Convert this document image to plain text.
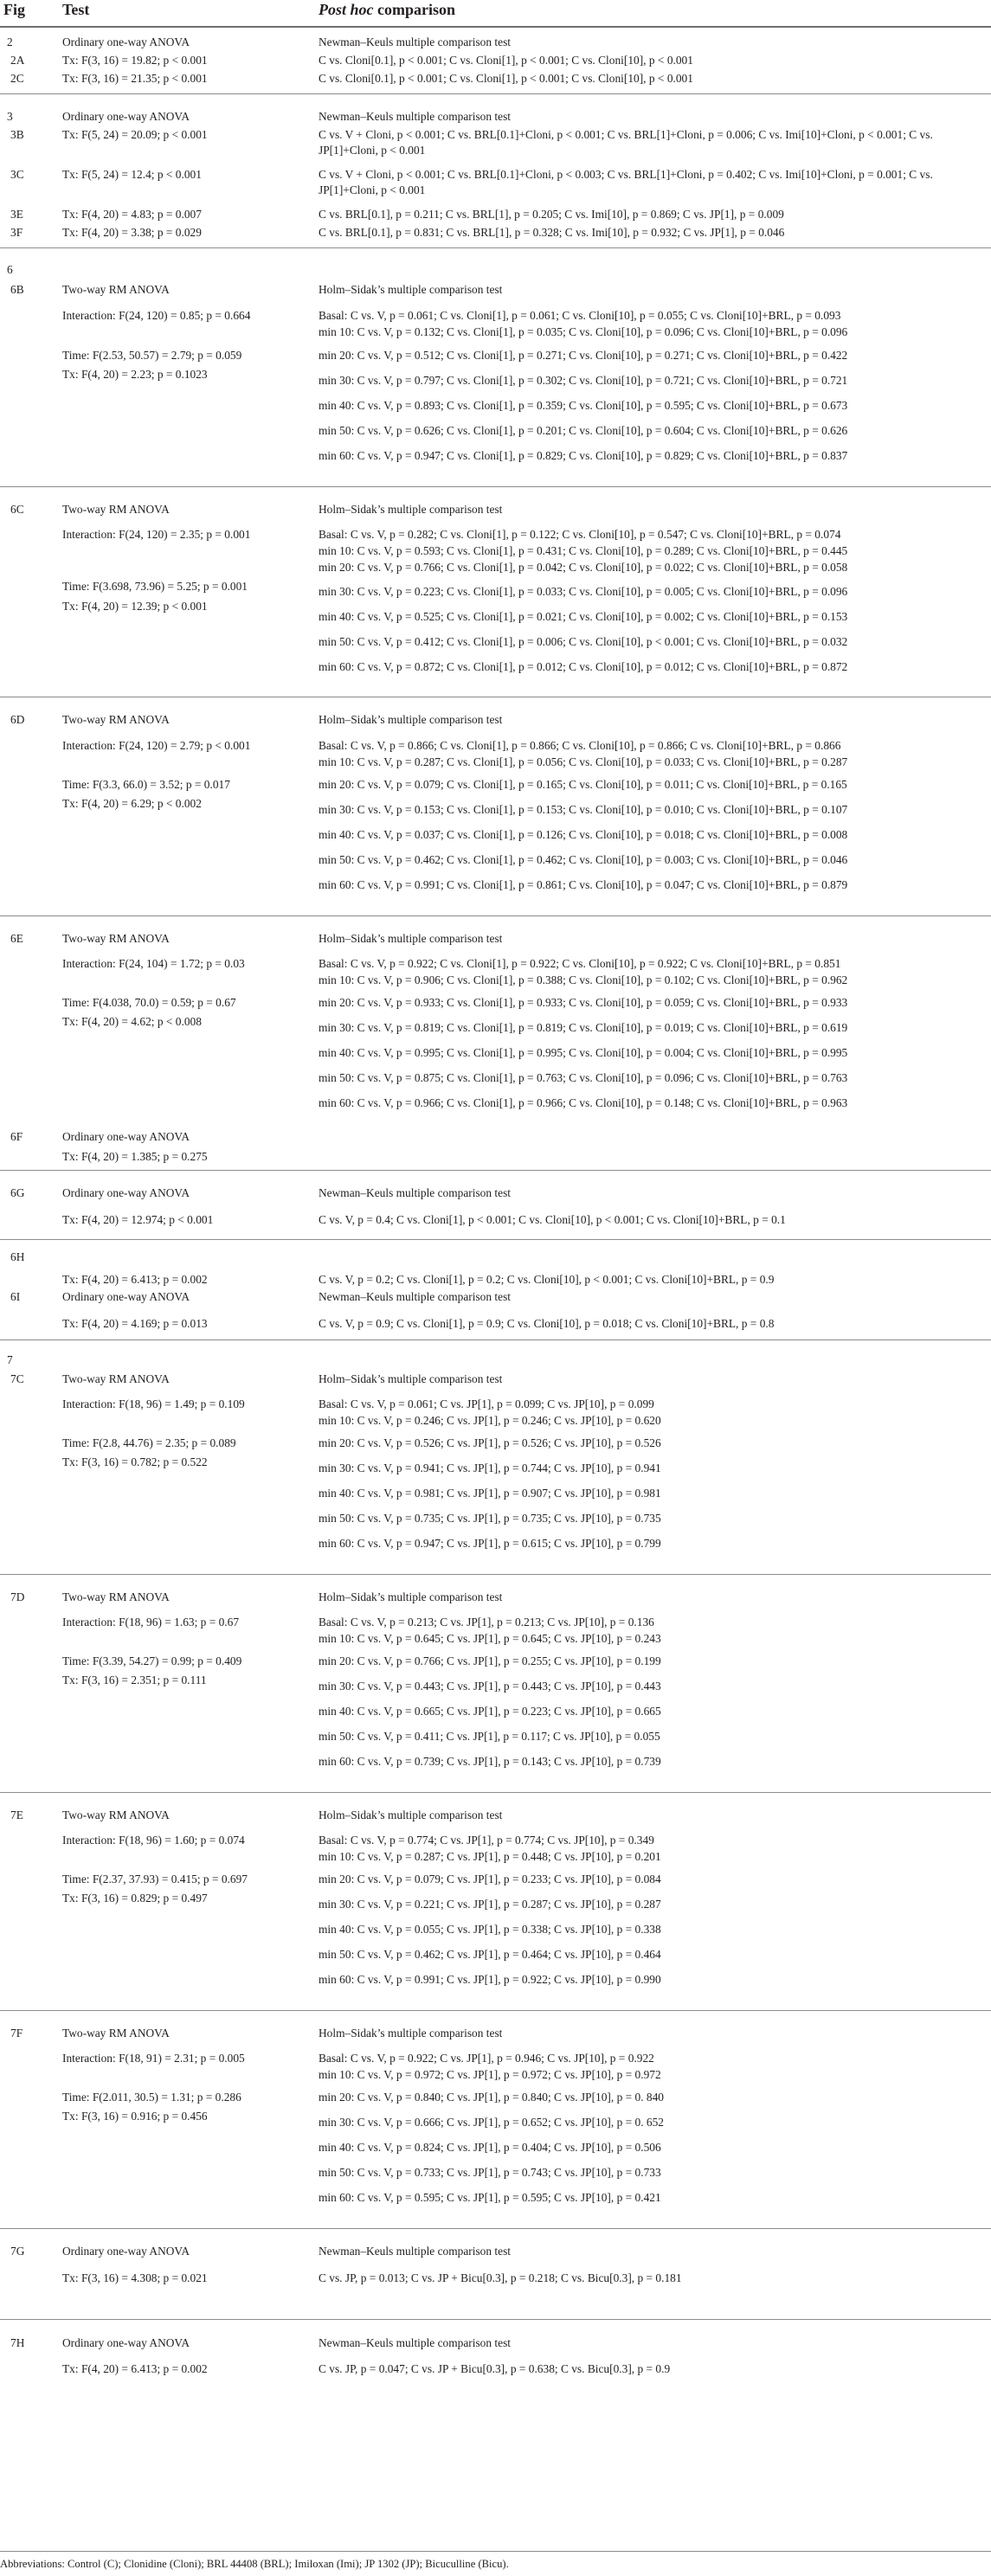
Fig Test	Post hoc comparison
2	Ordinary one-way ANOVA	Newman–Keuls multiple comparison test
2A	Tx: F(3, 16) = 19.82; p < 0.001	C vs. Cloni[0.1], p < 0.001; C vs. Cloni[1], p < 0.001; C vs. Cloni[10], p < 0.001
2C	Tx: F(3, 16) = 21.35; p < 0.001	C vs. Cloni[0.1], p < 0.001; C vs. Cloni[1], p < 0.001; C vs. Cloni[10], p < 0.001
3	Ordinary one-way ANOVA	Newman–Keuls multiple comparison test
3B	Tx: F(5, 24) = 20.09; p < 0.001	C vs. V + Cloni, p < 0.001; C vs. BRL[0.1]+Cloni, p < 0.001; C vs. BRL[1]+Cloni, p = 0.006; C vs. Imi[10]+Cloni, p < 0.001; C vs. JP[1]+Cloni, p < 0.001
3C	Tx: F(5, 24) = 12.4; p < 0.001	C vs. V + Cloni, p < 0.001; C vs. BRL[0.1]+Cloni, p < 0.003; C vs. BRL[1]+Cloni, p = 0.402; C vs. Imi[10]+Cloni, p = 0.001; C vs. JP[1]+Cloni, p < 0.001
3E	Tx: F(4, 20) = 4.83; p = 0.007	C vs. BRL[0.1], p = 0.211; C vs. BRL[1], p = 0.205; C vs. Imi[10], p = 0.869; C vs. JP[1], p = 0.009
3F	Tx: F(4, 20) = 3.38; p = 0.029	C vs. BRL[0.1], p = 0.831; C vs. BRL[1], p = 0.328; C vs. Imi[10], p = 0.932; C vs. JP[1], p = 0.046
6
6B	Two-way RM ANOVA	Holm–Sidak’s multiple comparison test
Interaction: F(24, 120) = 0.85; p = 0.664	Basal: C vs. V, p = 0.061; C vs. Cloni[1], p = 0.061; C vs. Cloni[10], p = 0.055; C vs. Cloni[10]+BRL, p = 0.093
min 10: C vs. V, p = 0.132; C vs. Cloni[1], p = 0.035; C vs. Cloni[10], p = 0.096; C vs. Cloni[10]+BRL, p = 0.096
Time: F(2.53, 50.57) = 2.79; p = 0.059	min 20: C vs. V, p = 0.512; C vs. Cloni[1], p = 0.271; C vs. Cloni[10], p = 0.271; C vs. Cloni[10]+BRL, p = 0.422
Tx: F(4, 20) = 2.23; p = 0.1023	min 30: C vs. V, p = 0.797; C vs. Cloni[1], p = 0.302; C vs. Cloni[10], p = 0.721; C vs. Cloni[10]+BRL, p = 0.721
min 40: C vs. V, p = 0.893; C vs. Cloni[1], p = 0.359; C vs. Cloni[10], p = 0.595; C vs. Cloni[10]+BRL, p = 0.673
min 50: C vs. V, p = 0.626; C vs. Cloni[1], p = 0.201; C vs. Cloni[10], p = 0.604; C vs. Cloni[10]+BRL, p = 0.626
min 60: C vs. V, p = 0.947; C vs. Cloni[1], p = 0.829; C vs. Cloni[10], p = 0.829; C vs. Cloni[10]+BRL, p = 0.837
6C	Two-way RM ANOVA	Holm–Sidak’s multiple comparison test
Interaction: F(24, 120) = 2.35; p = 0.001	Basal: C vs. V, p = 0.282; C vs. Cloni[1], p = 0.122; C vs. Cloni[10], p = 0.547; C vs. Cloni[10]+BRL, p = 0.074
min 10: C vs. V, p = 0.593; C vs. Cloni[1], p = 0.431; C vs. Cloni[10], p = 0.289; C vs. Cloni[10]+BRL, p = 0.445
min 20: C vs. V, p = 0.766; C vs. Cloni[1], p = 0.042; C vs. Cloni[10], p = 0.022; C vs. Cloni[10]+BRL, p = 0.058
Time: F(3.698, 73.96) = 5.25; p = 0.001	min 30: C vs. V, p = 0.223; C vs. Cloni[1], p = 0.033; C vs. Cloni[10], p = 0.005; C vs. Cloni[10]+BRL, p = 0.096
Tx: F(4, 20) = 12.39; p < 0.001
min 40: C vs. V, p = 0.525; C vs. Cloni[1], p = 0.021; C vs. Cloni[10], p = 0.002; C vs. Cloni[10]+BRL, p = 0.153
min 50: C vs. V, p = 0.412; C vs. Cloni[1], p = 0.006; C vs. Cloni[10], p < 0.001; C vs. Cloni[10]+BRL, p = 0.032
min 60: C vs. V, p = 0.872; C vs. Cloni[1], p = 0.012; C vs. Cloni[10], p = 0.012; C vs. Cloni[10]+BRL, p = 0.872
6D	Two-way RM ANOVA	Holm–Sidak’s multiple comparison test
Interaction: F(24, 120) = 2.79; p < 0.001	Basal: C vs. V, p = 0.866; C vs. Cloni[1], p = 0.866; C vs. Cloni[10], p = 0.866; C vs. Cloni[10]+BRL, p = 0.866
min 10: C vs. V, p = 0.287; C vs. Cloni[1], p = 0.056; C vs. Cloni[10], p = 0.033; C vs. Cloni[10]+BRL, p = 0.287
Time: F(3.3, 66.0) = 3.52; p = 0.017	min 20: C vs. V, p = 0.079; C vs. Cloni[1], p = 0.165; C vs. Cloni[10], p = 0.011; C vs. Cloni[10]+BRL, p = 0.165
Tx: F(4, 20) = 6.29; p < 0.002	min 30: C vs. V, p = 0.153; C vs. Cloni[1], p = 0.153; C vs. Cloni[10], p = 0.010; C vs. Cloni[10]+BRL, p = 0.107
min 40: C vs. V, p = 0.037; C vs. Cloni[1], p = 0.126; C vs. Cloni[10], p = 0.018; C vs. Cloni[10]+BRL, p = 0.008
min 50: C vs. V, p = 0.462; C vs. Cloni[1], p = 0.462; C vs. Cloni[10], p = 0.003; C vs. Cloni[10]+BRL, p = 0.046
min 60: C vs. V, p = 0.991; C vs. Cloni[1], p = 0.861; C vs. Cloni[10], p = 0.047; C vs. Cloni[10]+BRL, p = 0.879
6E	Two-way RM ANOVA	Holm–Sidak’s multiple comparison test
Interaction: F(24, 104) = 1.72; p = 0.03	Basal: C vs. V, p = 0.922; C vs. Cloni[1], p = 0.922; C vs. Cloni[10], p = 0.922; C vs. Cloni[10]+BRL, p = 0.851
min 10: C vs. V, p = 0.906; C vs. Cloni[1], p = 0.388; C vs. Cloni[10], p = 0.102; C vs. Cloni[10]+BRL, p = 0.962
Time: F(4.038, 70.0) = 0.59; p = 0.67	min 20: C vs. V, p = 0.933; C vs. Cloni[1], p = 0.933; C vs. Cloni[10], p = 0.059; C vs. Cloni[10]+BRL, p = 0.933
Tx: F(4, 20) = 4.62; p < 0.008	min 30: C vs. V, p = 0.819; C vs. Cloni[1], p = 0.819; C vs. Cloni[10], p = 0.019; C vs. Cloni[10]+BRL, p = 0.619
min 40: C vs. V, p = 0.995; C vs. Cloni[1], p = 0.995; C vs. Cloni[10], p = 0.004; C vs. Cloni[10]+BRL, p = 0.995
min 50: C vs. V, p = 0.875; C vs. Cloni[1], p = 0.763; C vs. Cloni[10], p = 0.096; C vs. Cloni[10]+BRL, p = 0.763
min 60: C vs. V, p = 0.966; C vs. Cloni[1], p = 0.966; C vs. Cloni[10], p = 0.148; C vs. Cloni[10]+BRL, p = 0.963
6F	Ordinary one-way ANOVA
Tx: F(4, 20) = 1.385; p = 0.275
6G	Ordinary one-way ANOVA	Newman–Keuls multiple comparison test
Tx: F(4, 20) = 12.974; p < 0.001	C vs. V, p = 0.4; C vs. Cloni[1], p < 0.001; C vs. Cloni[10], p < 0.001; C vs. Cloni[10]+BRL, p = 0.1
6H
Tx: F(4, 20) = 6.413; p = 0.002	C vs. V, p = 0.2; C vs. Cloni[1], p = 0.2; C vs. Cloni[10], p < 0.001; C vs. Cloni[10]+BRL, p = 0.9
6I	Ordinary one-way ANOVA	Newman–Keuls multiple comparison test
Tx: F(4, 20) = 4.169; p = 0.013	C vs. V, p = 0.9; C vs. Cloni[1], p = 0.9; C vs. Cloni[10], p = 0.018; C vs. Cloni[10]+BRL, p = 0.8
7
7C	Two-way RM ANOVA	Holm–Sidak’s multiple comparison test
Interaction: F(18, 96) = 1.49; p = 0.109	Basal: C vs. V, p = 0.061; C vs. JP[1], p = 0.099; C vs. JP[10], p = 0.099
min 10: C vs. V, p = 0.246; C vs. JP[1], p = 0.246; C vs. JP[10], p = 0.620
Time: F(2.8, 44.76) = 2.35; p = 0.089	min 20: C vs. V, p = 0.526; C vs. JP[1], p = 0.526; C vs. JP[10], p = 0.526
Tx: F(3, 16) = 0.782; p = 0.522	min 30: C vs. V, p = 0.941; C vs. JP[1], p = 0.744; C vs. JP[10], p = 0.941
min 40: C vs. V, p = 0.981; C vs. JP[1], p = 0.907; C vs. JP[10], p = 0.981
min 50: C vs. V, p = 0.735; C vs. JP[1], p = 0.735; C vs. JP[10], p = 0.735
min 60: C vs. V, p = 0.947; C vs. JP[1], p = 0.615; C vs. JP[10], p = 0.799
7D	Two-way RM ANOVA	Holm–Sidak’s multiple comparison test
Interaction: F(18, 96) = 1.63; p = 0.67	Basal: C vs. V, p = 0.213; C vs. JP[1], p = 0.213; C vs. JP[10], p = 0.136
min 10: C vs. V, p = 0.645; C vs. JP[1], p = 0.645; C vs. JP[10], p = 0.243
Time: F(3.39, 54.27) = 0.99; p = 0.409	min 20: C vs. V, p = 0.766; C vs. JP[1], p = 0.255; C vs. JP[10], p = 0.199
Tx: F(3, 16) = 2.351; p = 0.111	min 30: C vs. V, p = 0.443; C vs. JP[1], p = 0.443; C vs. JP[10], p = 0.443
min 40: C vs. V, p = 0.665; C vs. JP[1], p = 0.223; C vs. JP[10], p = 0.665
min 50: C vs. V, p = 0.411; C vs. JP[1], p = 0.117; C vs. JP[10], p = 0.055
min 60: C vs. V, p = 0.739; C vs. JP[1], p = 0.143; C vs. JP[10], p = 0.739
7E	Two-way RM ANOVA	Holm–Sidak’s multiple comparison test
Interaction: F(18, 96) = 1.60; p = 0.074	Basal: C vs. V, p = 0.774; C vs. JP[1], p = 0.774; C vs. JP[10], p = 0.349
min 10: C vs. V, p = 0.287; C vs. JP[1], p = 0.448; C vs. JP[10], p = 0.201
Time: F(2.37, 37.93) = 0.415; p = 0.697	min 20: C vs. V, p = 0.079; C vs. JP[1], p = 0.233; C vs. JP[10], p = 0.084
Tx: F(3, 16) = 0.829; p = 0.497	min 30: C vs. V, p = 0.221; C vs. JP[1], p = 0.287; C vs. JP[10], p = 0.287
min 40: C vs. V, p = 0.055; C vs. JP[1], p = 0.338; C vs. JP[10], p = 0.338
min 50: C vs. V, p = 0.462; C vs. JP[1], p = 0.464; C vs. JP[10], p = 0.464
min 60: C vs. V, p = 0.991; C vs. JP[1], p = 0.922; C vs. JP[10], p = 0.990
7F	Two-way RM ANOVA	Holm–Sidak’s multiple comparison test
Interaction: F(18, 91) = 2.31; p = 0.005	Basal: C vs. V, p = 0.922; C vs. JP[1], p = 0.946; C vs. JP[10], p = 0.922
min 10: C vs. V, p = 0.972; C vs. JP[1], p = 0.972; C vs. JP[10], p = 0.972
Time: F(2.011, 30.5) = 1.31; p = 0.286	min 20: C vs. V, p = 0.840; C vs. JP[1], p = 0.840; C vs. JP[10], p = 0. 840
Tx: F(3, 16) = 0.916; p = 0.456	min 30: C vs. V, p = 0.666; C vs. JP[1], p = 0.652; C vs. JP[10], p = 0. 652
min 40: C vs. V, p = 0.824; C vs. JP[1], p = 0.404; C vs. JP[10], p = 0.506
min 50: C vs. V, p = 0.733; C vs. JP[1], p = 0.743; C vs. JP[10], p = 0.733
min 60: C vs. V, p = 0.595; C vs. JP[1], p = 0.595; C vs. JP[10], p = 0.421
7G	Ordinary one-way ANOVA	Newman–Keuls multiple comparison test
Tx: F(3, 16) = 4.308; p = 0.021	C vs. JP, p = 0.013; C vs. JP + Bicu[0.3], p = 0.218; C vs. Bicu[0.3], p = 0.181
7H	Ordinary one-way ANOVA	Newman–Keuls multiple comparison test
Tx: F(4, 20) = 6.413; p = 0.002	C vs. JP, p = 0.047; C vs. JP + Bicu[0.3], p = 0.638; C vs. Bicu[0.3], p = 0.9
Abbreviations: Control (C); Clonidine (Cloni); BRL 44408 (BRL); Imiloxan (Imi); JP 1302 (JP); Bicuculline (Bicu).
